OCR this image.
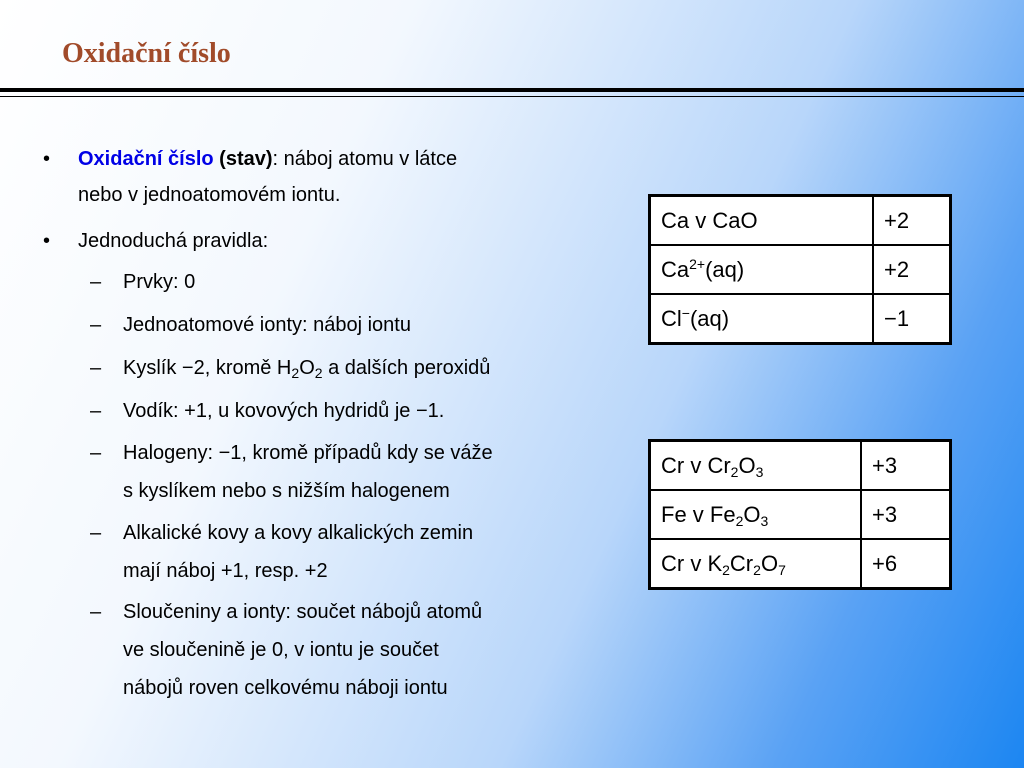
Oxidační číslo
• Oxidační číslo (stav): náboj atomu v látce
nebo v jednoatomovém iontu.
• Jednoduchá pravidla:
– Prvky: 0
– Jednoatomové ionty: náboj iontu
– Kyslík −2, kromě $H_2O_2$ a dalších peroxidů
– Vodík: +1, u kovových hydridů je −1.
– Halogeny: −1, kromě případů kdy se váže
s kyslíkem nebo s nižším halogenem
– Alkalické kovy a kovy alkalických zemin
mají náboj +1, resp. +2
– Sloučeniny a ionty: součet nábojů atomů
ve sloučenině je 0, v iontu je součet
nábojů roven celkovému náboji iontu
Ca v CaO	+2
$Ca^{2+}(aq)$	+2
Cl−(aq)	−1
Cr v $Cr_2O_3$	+3
Fe v $Fe_2O_3$	+3
Cr v $K_2Cr_2O_7$	+6
